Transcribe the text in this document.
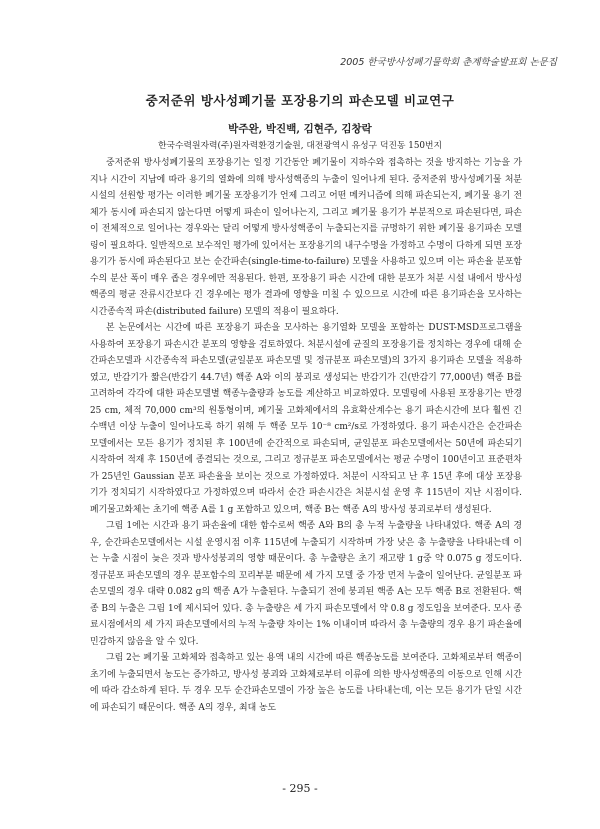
2005 한국방사성폐기물학회 춘계학술발표회 논문집
중저준위 방사성폐기물 포장용기의 파손모델 비교연구
박주완, 박진백, 김현주, 김창락
한국수력원자력(주)원자력환경기술원, 대전광역시 유성구 덕진동 150번지

중저준위 방사성폐기물의 포장용기는 일정 기간동안 폐기물이 지하수와 접촉하는 것을 방지하는 기능을 가지나 시간이 지남에 따라 용기의 열화에 의해 방사성핵종의 누출이 일어나게 된다. 중저준위 방사성폐기물 처분시설의 선원항 평가는 이러한 폐기물 포장용기가 언제 그리고 어떤 메커니즘에 의해 파손되는지, 폐기물 용기 전체가 동시에 파손되지 않는다면 어떻게 파손이 일어나는지, 그리고 폐기물 용기가 부분적으로 파손된다면, 파손이 전체적으로 일어나는 경우와는 달리 어떻게 방사성핵종이 누출되는지를 규명하기 위한 폐기물 용기파손 모델링이 필요하다. 일반적으로 보수적인 평가에 있어서는 포장용기의 내구수명을 가정하고 수명이 다하게 되면 포장용기가 동시에 파손된다고 보는 순간파손(single-time-to-failure) 모델을 사용하고 있으며 이는 파손율 분포함수의 분산 폭이 매우 좁은 경우에만 적용된다. 한편, 포장용기 파손 시간에 대한 분포가 처분 시설 내에서 방사성핵종의 평균 잔류시간보다 긴 경우에는 평가 결과에 영향을 미칠 수 있으므로 시간에 따른 용기파손을 모사하는 시간종속적 파손(distributed failure) 모델의 적용이 필요하다.

본 논문에서는 시간에 따른 포장용기 파손을 모사하는 용기열화 모델을 포함하는 DUST-MSD프로그램을 사용하여 포장용기 파손시간 분포의 영향을 검토하였다. 처분시설에 균질의 포장용기를 정치하는 경우에 대해 순간파손모델과 시간종속적 파손모델(균일분포 파손모델 및 정규분포 파손모델)의 3가지 용기파손 모델을 적용하였고, 반감기가 짧은(반감기 44.7년) 핵종 A와 이의 붕괴로 생성되는 반감기가 긴(반감기 77,000년) 핵종 B를 고려하여 각각에 대한 파손모델별 핵종누출량과 농도를 계산하고 비교하였다. 모델링에 사용된 포장용기는 반경 25 cm, 체적 70,000 cm³의 원통형이며, 폐기물 고화체에서의 유효확산계수는 용기 파손시간에 보다 훨씬 긴 수백년 이상 누출이 일어나도록 하기 위해 두 핵종 모두 10⁻⁸ cm²/s로 가정하였다. 용기 파손시간은 순간파손 모델에서는 모든 용기가 정치된 후 100년에 순간적으로 파손되며, 균일분포 파손모델에서는 50년에 파손되기 시작하여 적재 후 150년에 종결되는 것으로, 그리고 정규분포 파손모델에서는 평균 수명이 100년이고 표준편차가 25년인 Gaussian 분포 파손율을 보이는 것으로 가정하였다. 처분이 시작되고 난 후 15년 후에 대상 포장용기가 정치되기 시작하였다고 가정하였으며 따라서 순간 파손시간은 처분시설 운영 후 115년이 지난 시점이다. 폐기물고화체는 초기에 핵종 A를 1 g 포함하고 있으며, 핵종 B는 핵종 A의 방사성 붕괴로부터 생성된다.

그림 1에는 시간과 용기 파손율에 대한 함수로써 핵종 A와 B의 총 누적 누출량을 나타내었다. 핵종 A의 경우, 순간파손모델에서는 시설 운영시점 이후 115년에 누출되기 시작하며 가장 낮은 총 누출량을 나타내는데 이는 누출 시점이 늦은 것과 방사성붕괴의 영향 때문이다. 총 누출량은 초기 재고량 1 g중 약 0.075 g 정도이다. 정규분포 파손모델의 경우 분포함수의 꼬리부분 때문에 세 가지 모델 중 가장 먼저 누출이 일어난다. 균일분포 파손모델의 경우 대략 0.082 g의 핵종 A가 누출된다. 누출되기 전에 붕괴된 핵종 A는 모두 핵종 B로 전환된다. 핵종 B의 누출은 그림 1에 제시되어 있다. 총 누출량은 세 가지 파손모델에서 약 0.8 g 정도임을 보여준다. 모사 종료시점에서의 세 가지 파손모델에서의 누적 누출량 차이는 1% 이내이며 따라서 총 누출량의 경우 용기 파손율에 민감하지 않음을 알 수 있다.

그림 2는 폐기물 고화체와 접촉하고 있는 용액 내의 시간에 따른 핵종농도를 보여준다. 고화체로부터 핵종이 초기에 누출되면서 농도는 증가하고, 방사성 붕괴와 고화체로부터 이류에 의한 방사성핵종의 이동으로 인해 시간에 따라 감소하게 된다. 두 경우 모두 순간파손모델이 가장 높은 농도를 나타내는데, 이는 모든 용기가 단일 시간에 파손되기 때문이다. 핵종 A의 경우, 최대 농도

- 295 -
